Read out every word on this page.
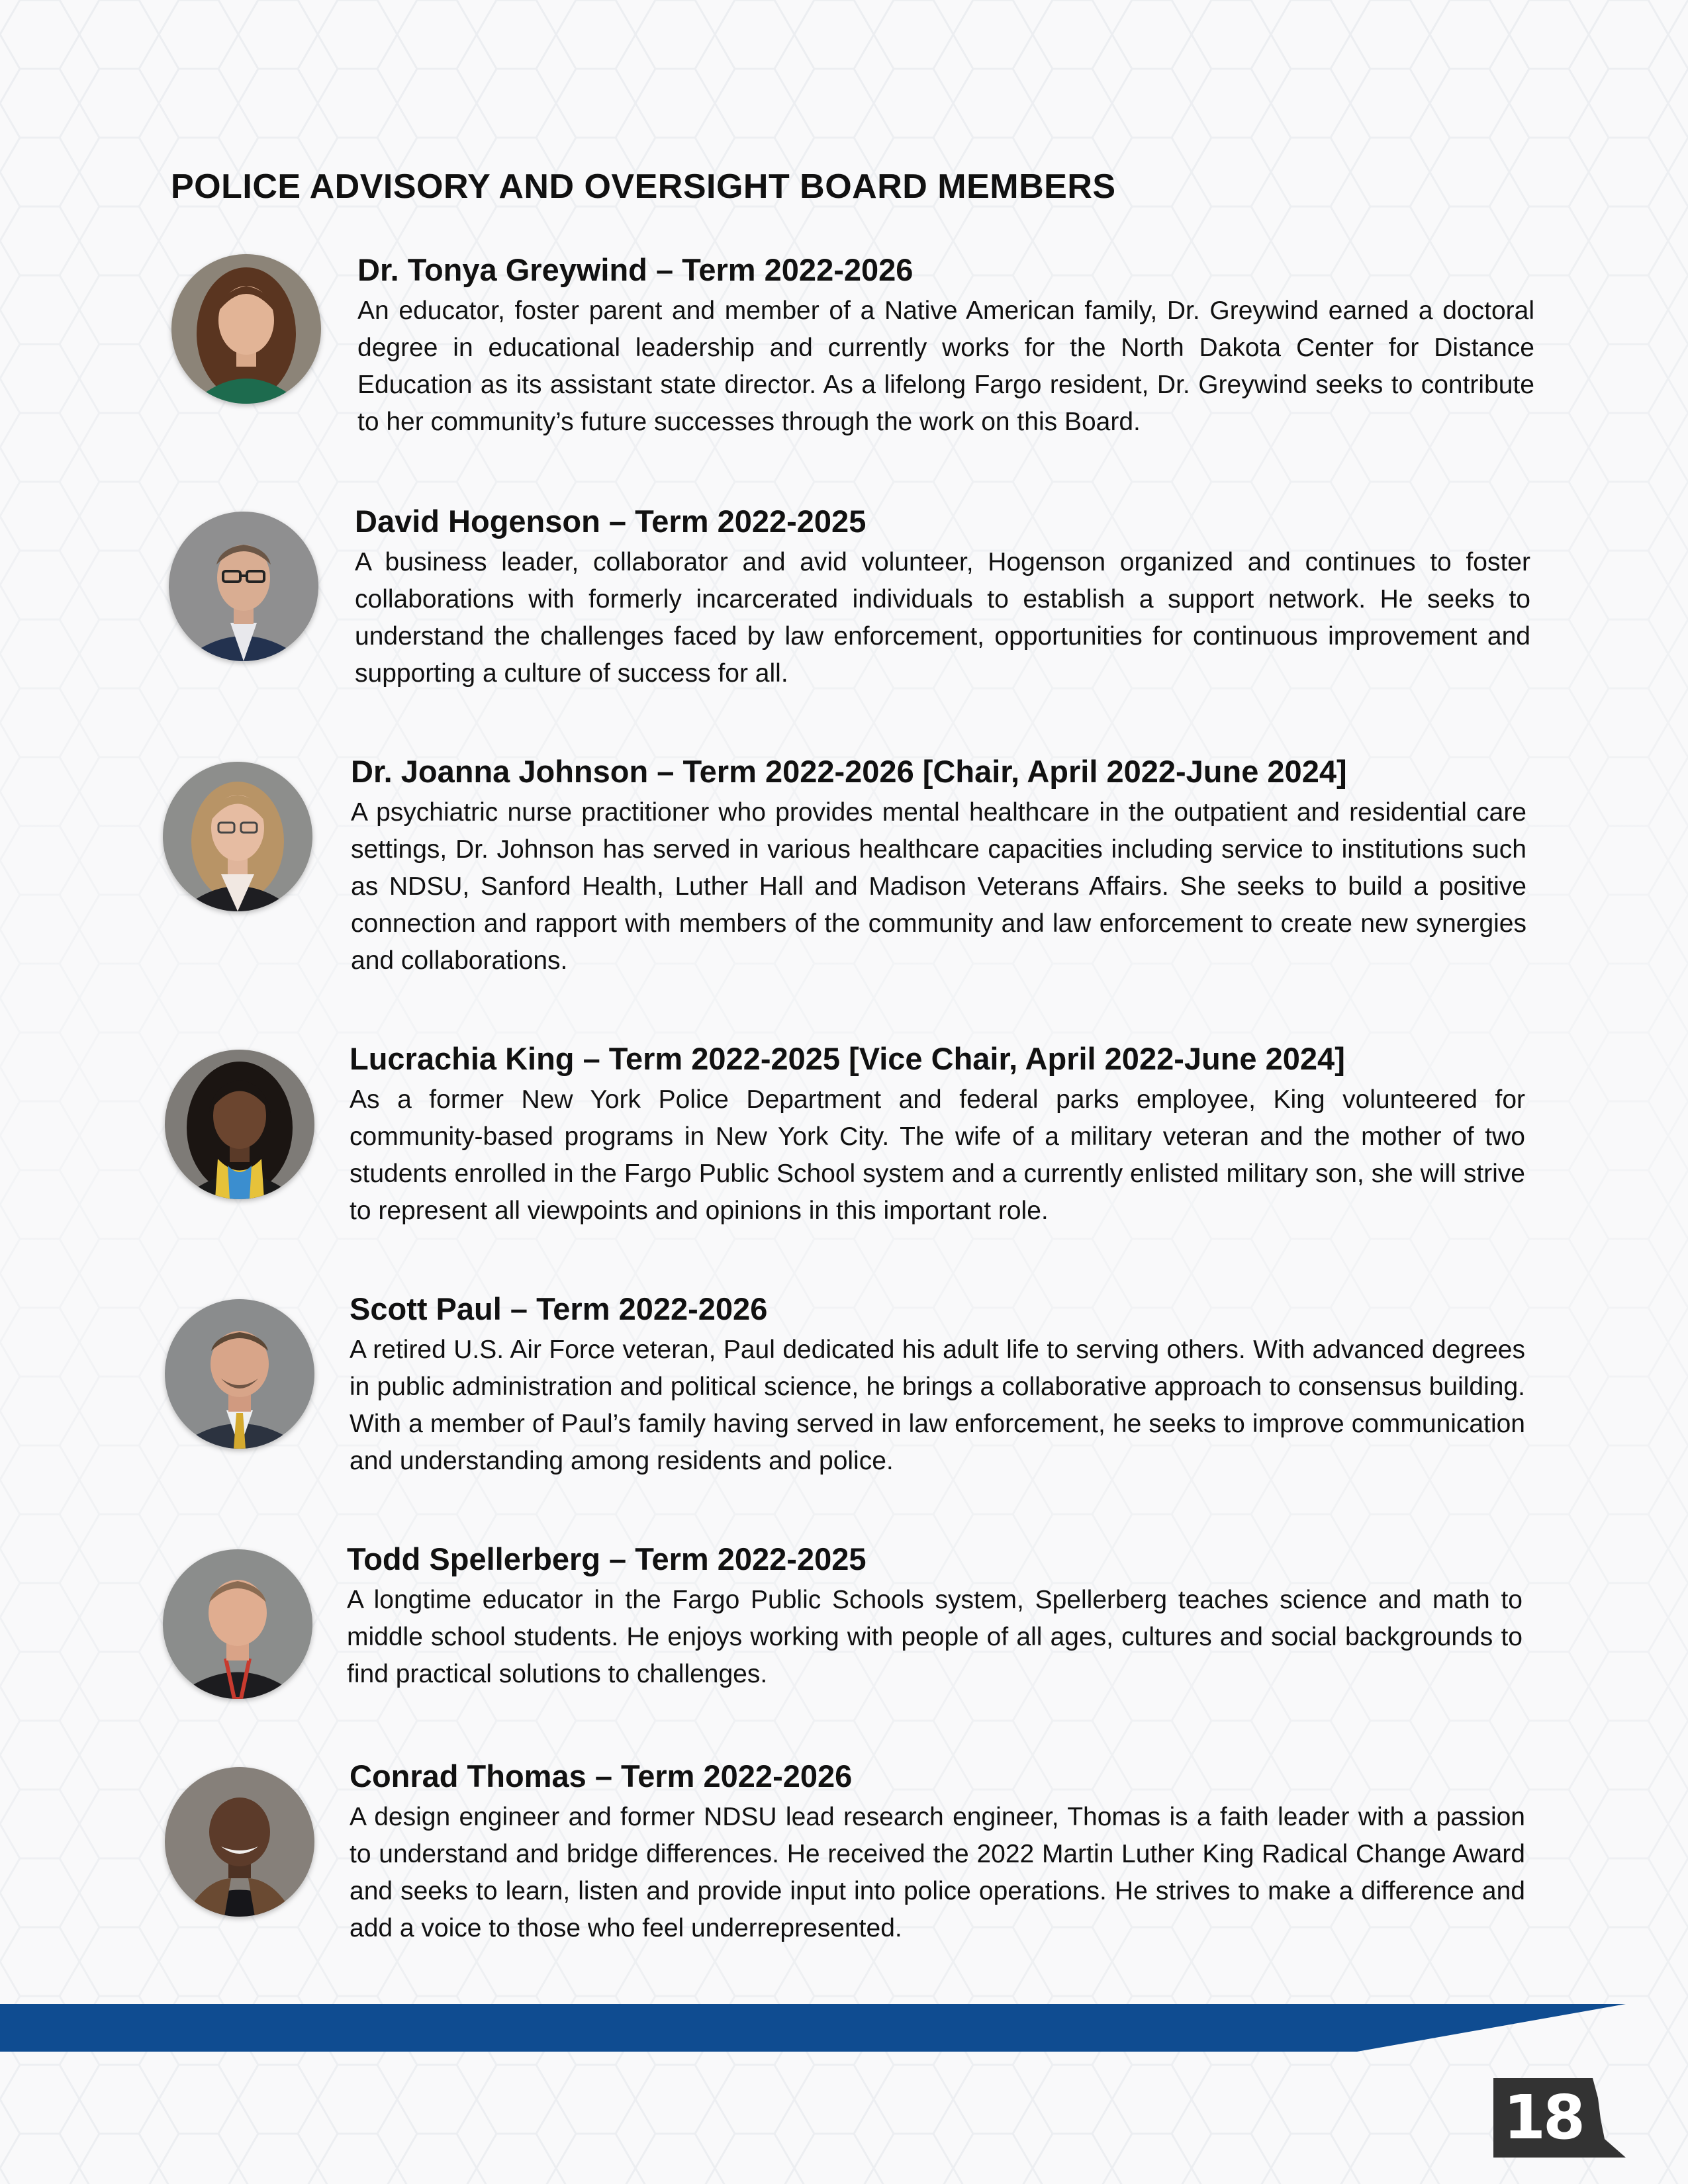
POLICE ADVISORY AND OVERSIGHT BOARD MEMBERS
Dr. Tonya Greywind – Term 2022-2026

An educator, foster parent and member of a Native American family, Dr. Greywind earned a doctoral degree in educational leadership and currently works for the North Dakota Center for Distance Education as its assistant state director. As a lifelong Fargo resident, Dr. Greywind seeks to contribute to her community’s future successes through the work on this Board.

David Hogenson – Term 2022-2025

A business leader, collaborator and avid volunteer, Hogenson organized and continues to foster collaborations with formerly incarcerated individuals to establish a support network. He seeks to understand the challenges faced by law enforcement, opportunities for continuous improvement and supporting a culture of success for all.

Dr. Joanna Johnson – Term 2022-2026 [Chair, April 2022-June 2024]

A psychiatric nurse practitioner who provides mental healthcare in the outpatient and residential care settings, Dr. Johnson has served in various healthcare capacities including service to institutions such as NDSU, Sanford Health, Luther Hall and Madison Veterans Affairs. She seeks to build a positive connection and rapport with members of the community and law enforcement to create new synergies and collaborations.

Lucrachia King – Term 2022-2025 [Vice Chair, April 2022-June 2024]

As a former New York Police Department and federal parks employee, King volunteered for community-based programs in New York City. The wife of a military veteran and the mother of two students enrolled in the Fargo Public School system and a currently enlisted military son, she will strive to represent all viewpoints and opinions in this important role.

Scott Paul – Term 2022-2026

A retired U.S. Air Force veteran, Paul dedicated his adult life to serving others. With advanced degrees in public administration and political science, he brings a collaborative approach to consensus building. With a member of Paul’s family having served in law enforcement, he seeks to improve communication and understanding among residents and police.

Todd Spellerberg – Term 2022-2025

A longtime educator in the Fargo Public Schools system, Spellerberg teaches science and math to middle school students. He enjoys working with people of all ages, cultures and social backgrounds to find practical solutions to challenges.

Conrad Thomas – Term 2022-2026

A design engineer and former NDSU lead research engineer, Thomas is a faith leader with a passion to understand and bridge differences. He received the 2022 Martin Luther King Radical Change Award and seeks to learn, listen and provide input into police operations. He strives to make a difference and add a voice to those who feel underrepresented.

18
